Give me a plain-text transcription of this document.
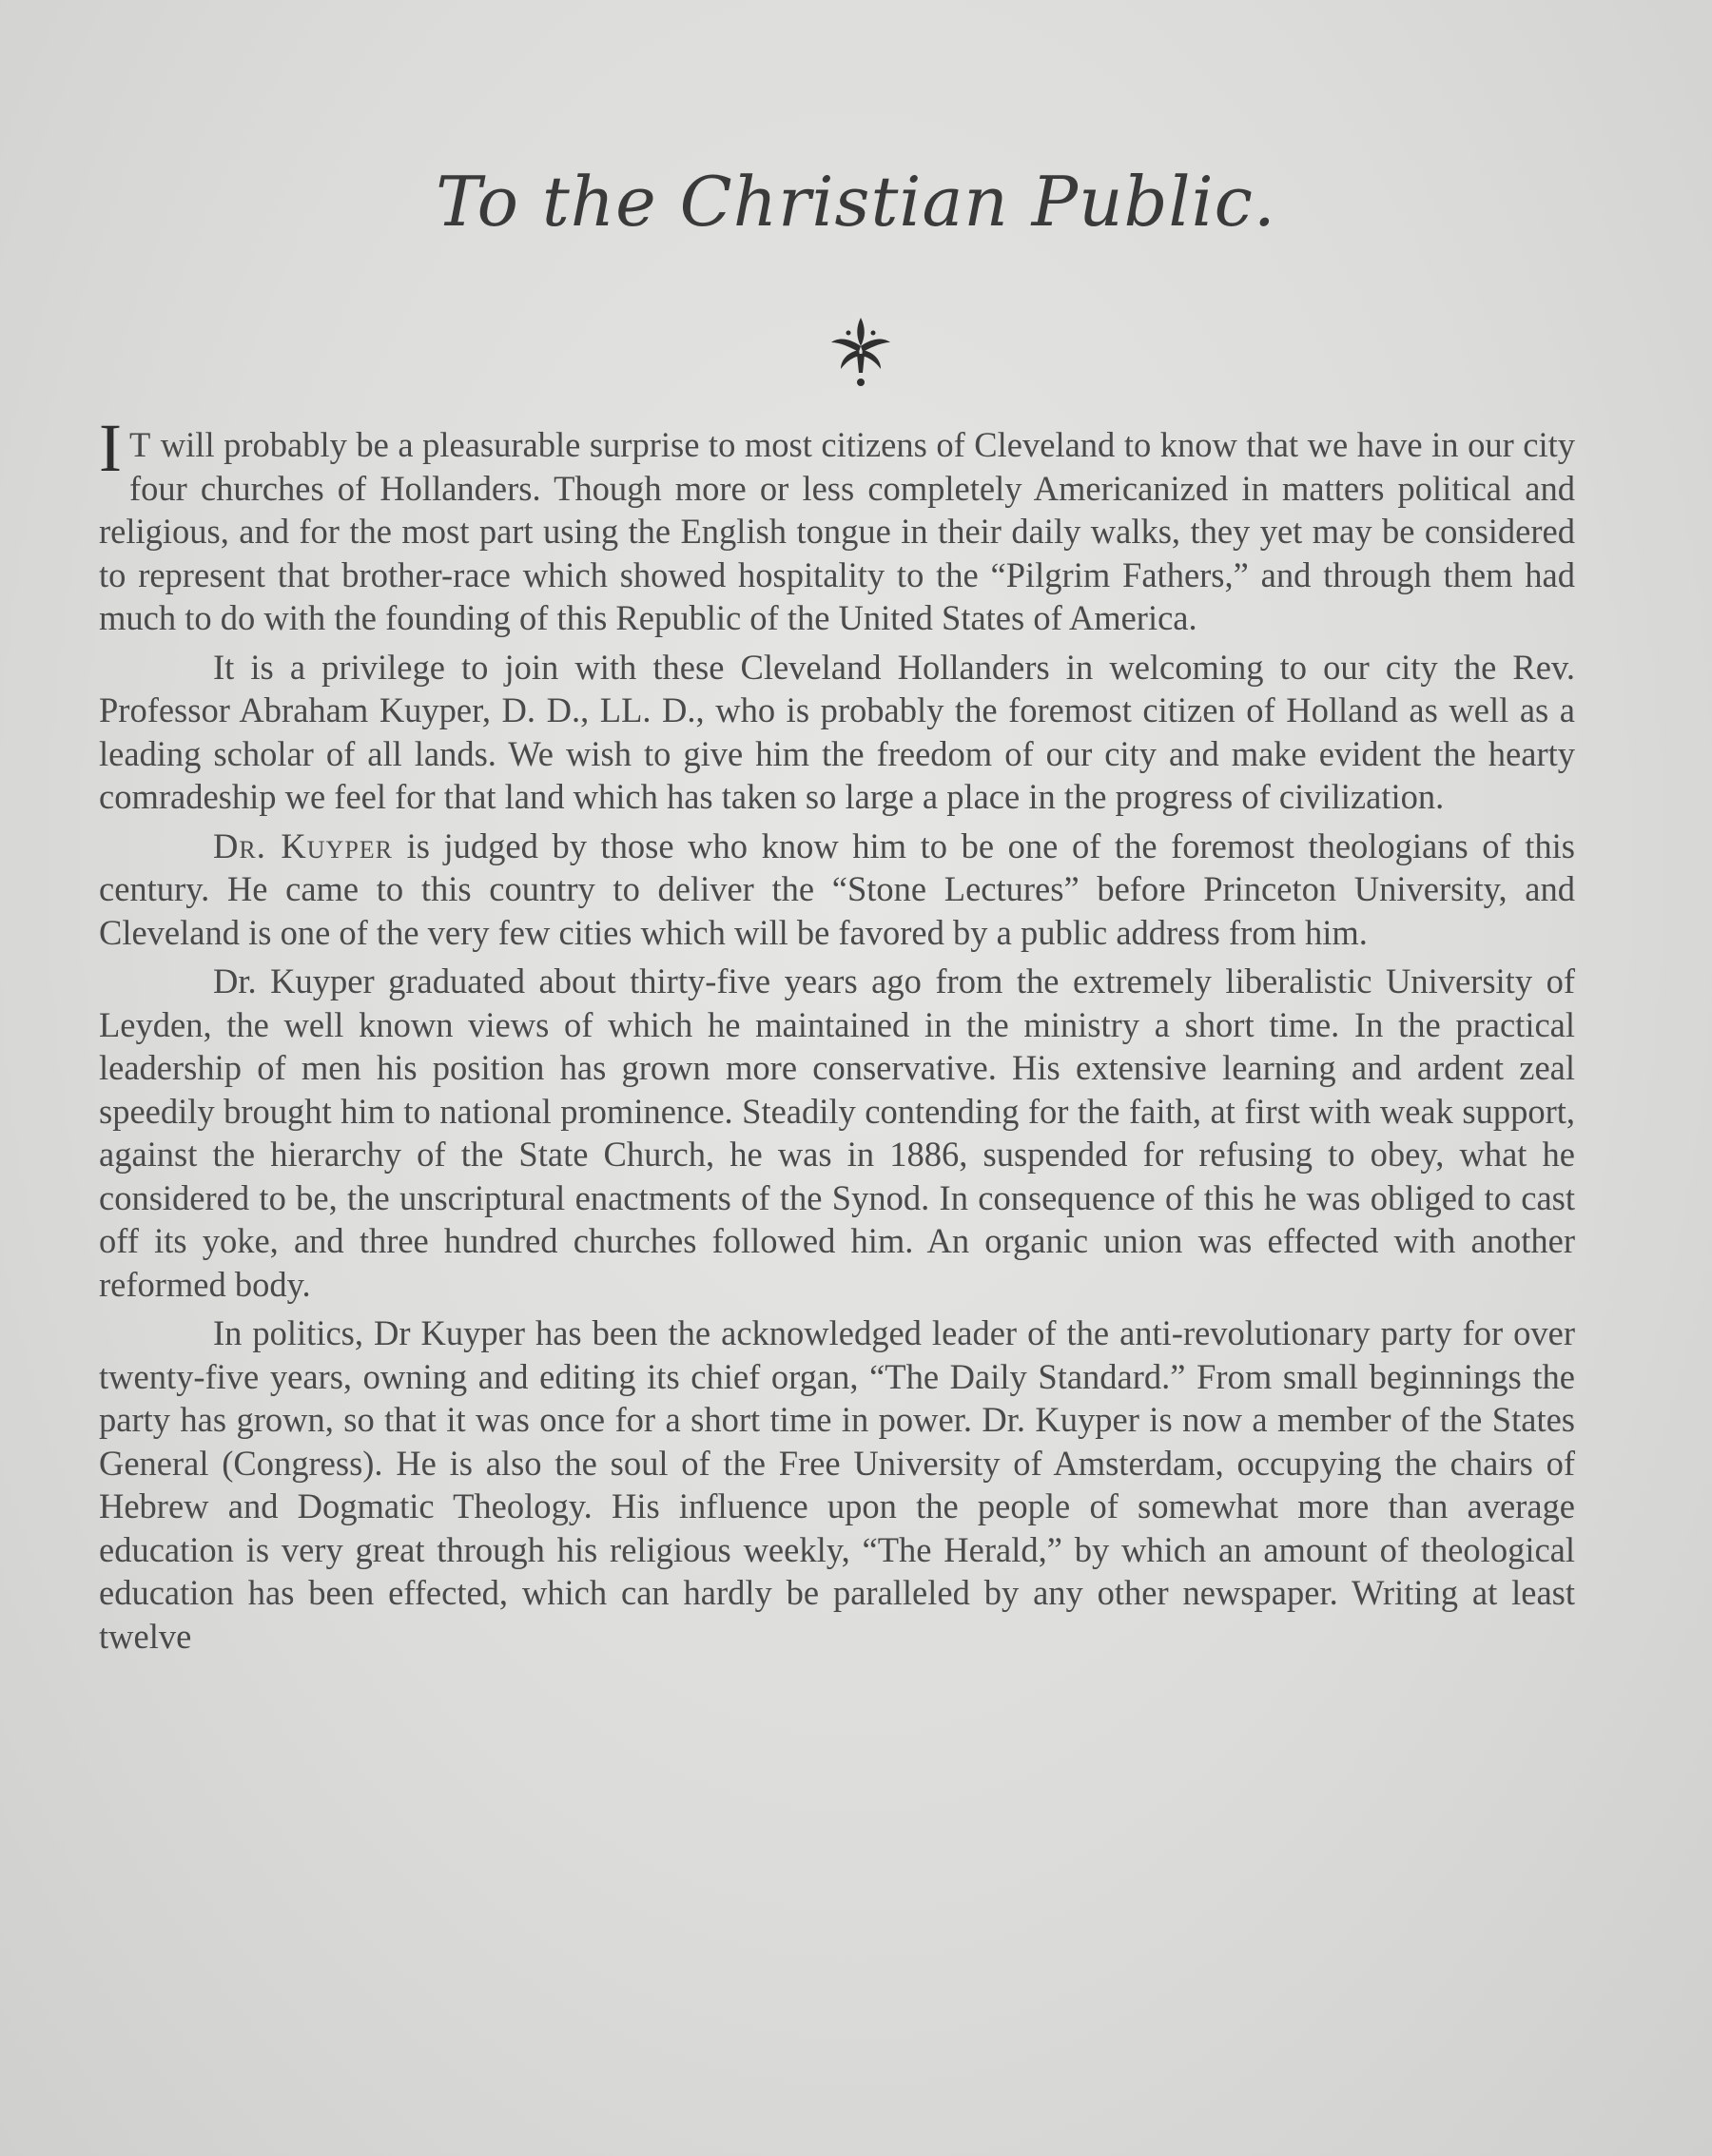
To the Christian Public.

I T will probably be a pleasurable surprise to most citizens of Cleveland to know that we have in our city four churches of Hollanders. Though more or less completely Americanized in matters political and religious, and for the most part using the English tongue in their daily walks, they yet may be considered to represent that brother-race which showed hospitality to the “Pilgrim Fathers,” and through them had much to do with the founding of this Republic of the United States of America.

It is a privilege to join with these Cleveland Hollanders in welcoming to our city the Rev. Professor Abraham Kuyper, D. D., LL. D., who is probably the foremost citizen of Holland as well as a leading scholar of all lands. We wish to give him the freedom of our city and make evident the hearty comradeship we feel for that land which has taken so large a place in the progress of civilization.

Dr. Kuyper is judged by those who know him to be one of the foremost theologians of this century. He came to this country to deliver the “Stone Lectures” before Princeton University, and Cleveland is one of the very few cities which will be favored by a public address from him.

Dr. Kuyper graduated about thirty-five years ago from the extremely liberalistic University of Leyden, the well known views of which he maintained in the ministry a short time. In the practical leadership of men his position has grown more conservative. His extensive learning and ardent zeal speedily brought him to national prominence. Steadily contending for the faith, at first with weak support, against the hierarchy of the State Church, he was in 1886, suspended for refusing to obey, what he considered to be, the unscriptural enactments of the Synod. In consequence of this he was obliged to cast off its yoke, and three hundred churches followed him. An organic union was effected with another reformed body.

In politics, Dr Kuyper has been the acknowledged leader of the anti-revolutionary party for over twenty-five years, owning and editing its chief organ, “The Daily Standard.” From small beginnings the party has grown, so that it was once for a short time in power. Dr. Kuyper is now a member of the States General (Congress). He is also the soul of the Free University of Amsterdam, occupying the chairs of Hebrew and Dogmatic Theology. His influence upon the people of somewhat more than average education is very great through his religious weekly, “The Herald,” by which an amount of theological education has been effected, which can hardly be paralleled by any other newspaper. Writing at least twelve
